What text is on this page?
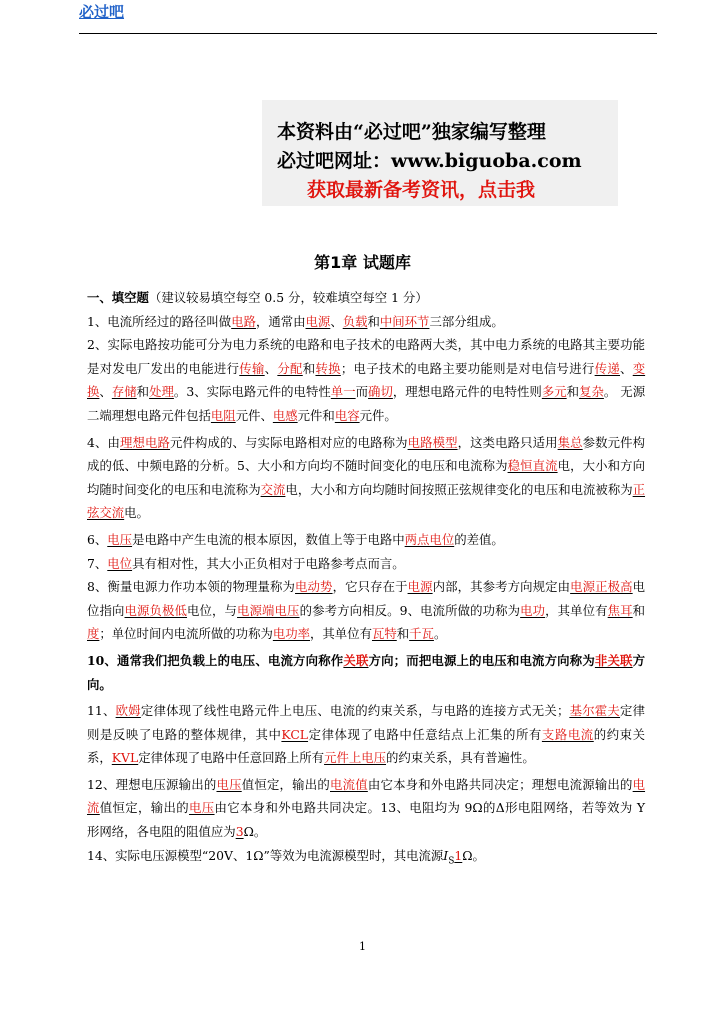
必过吧
本资料由“必过吧”独家编写整理
必过吧网址：www.biguoba.com
获取最新备考资讯，点击我
第1章 试题库

一、填空题（建议较易填空每空 0.5 分，较难填空每空 1 分）

1、电流所经过的路径叫做电路，通常由电源、负载和中间环节三部分组成。

2、实际电路按功能可分为电力系统的电路和电子技术的电路两大类，其中电力系统的电路其主要功能是对发电厂发出的电能进行传输、分配和转换；电子技术的电路主要功能则是对电信号进行传递、变换、存储和处理。3、实际电路元件的电特性单一而确切，理想电路元件的电特性则多元和复杂。 无源二端理想电路元件包括电阻元件、电感元件和电容元件。

4、由理想电路元件构成的、与实际电路相对应的电路称为电路模型，这类电路只适用集总参数元件构成的低、中频电路的分析。5、大小和方向均不随时间变化的电压和电流称为稳恒直流电，大小和方向均随时间变化的电压和电流称为交流电，大小和方向均随时间按照正弦规律变化的电压和电流被称为正弦交流电。

6、电压是电路中产生电流的根本原因，数值上等于电路中两点电位的差值。

7、电位具有相对性，其大小正负相对于电路参考点而言。

8、衡量电源力作功本领的物理量称为电动势，它只存在于电源内部，其参考方向规定由电源正极高电位指向电源负极低电位，与电源端电压的参考方向相反。9、电流所做的功称为电功，其单位有焦耳和度；单位时间内电流所做的功称为电功率，其单位有瓦特和千瓦。

10、通常我们把负载上的电压、电流方向称作关联方向；而把电源上的电压和电流方向称为非关联方向。

11、欧姆定律体现了线性电路元件上电压、电流的约束关系，与电路的连接方式无关；基尔霍夫定律则是反映了电路的整体规律，其中KCL定律体现了电路中任意结点上汇集的所有支路电流的约束关系，KVL定律体现了电路中任意回路上所有元件上电压的约束关系，具有普遍性。

12、理想电压源输出的电压值恒定，输出的电流值由它本身和外电路共同决定；理想电流源输出的电流值恒定，输出的电压由它本身和外电路共同决定。13、电阻均为 9Ω的Δ形电阻网络，若等效为 Y 形网络，各电阻的阻值应为3Ω。

14、实际电压源模型“20V、1Ω”等效为电流源模型时，其电流源$I_S1\Omega$。

1
